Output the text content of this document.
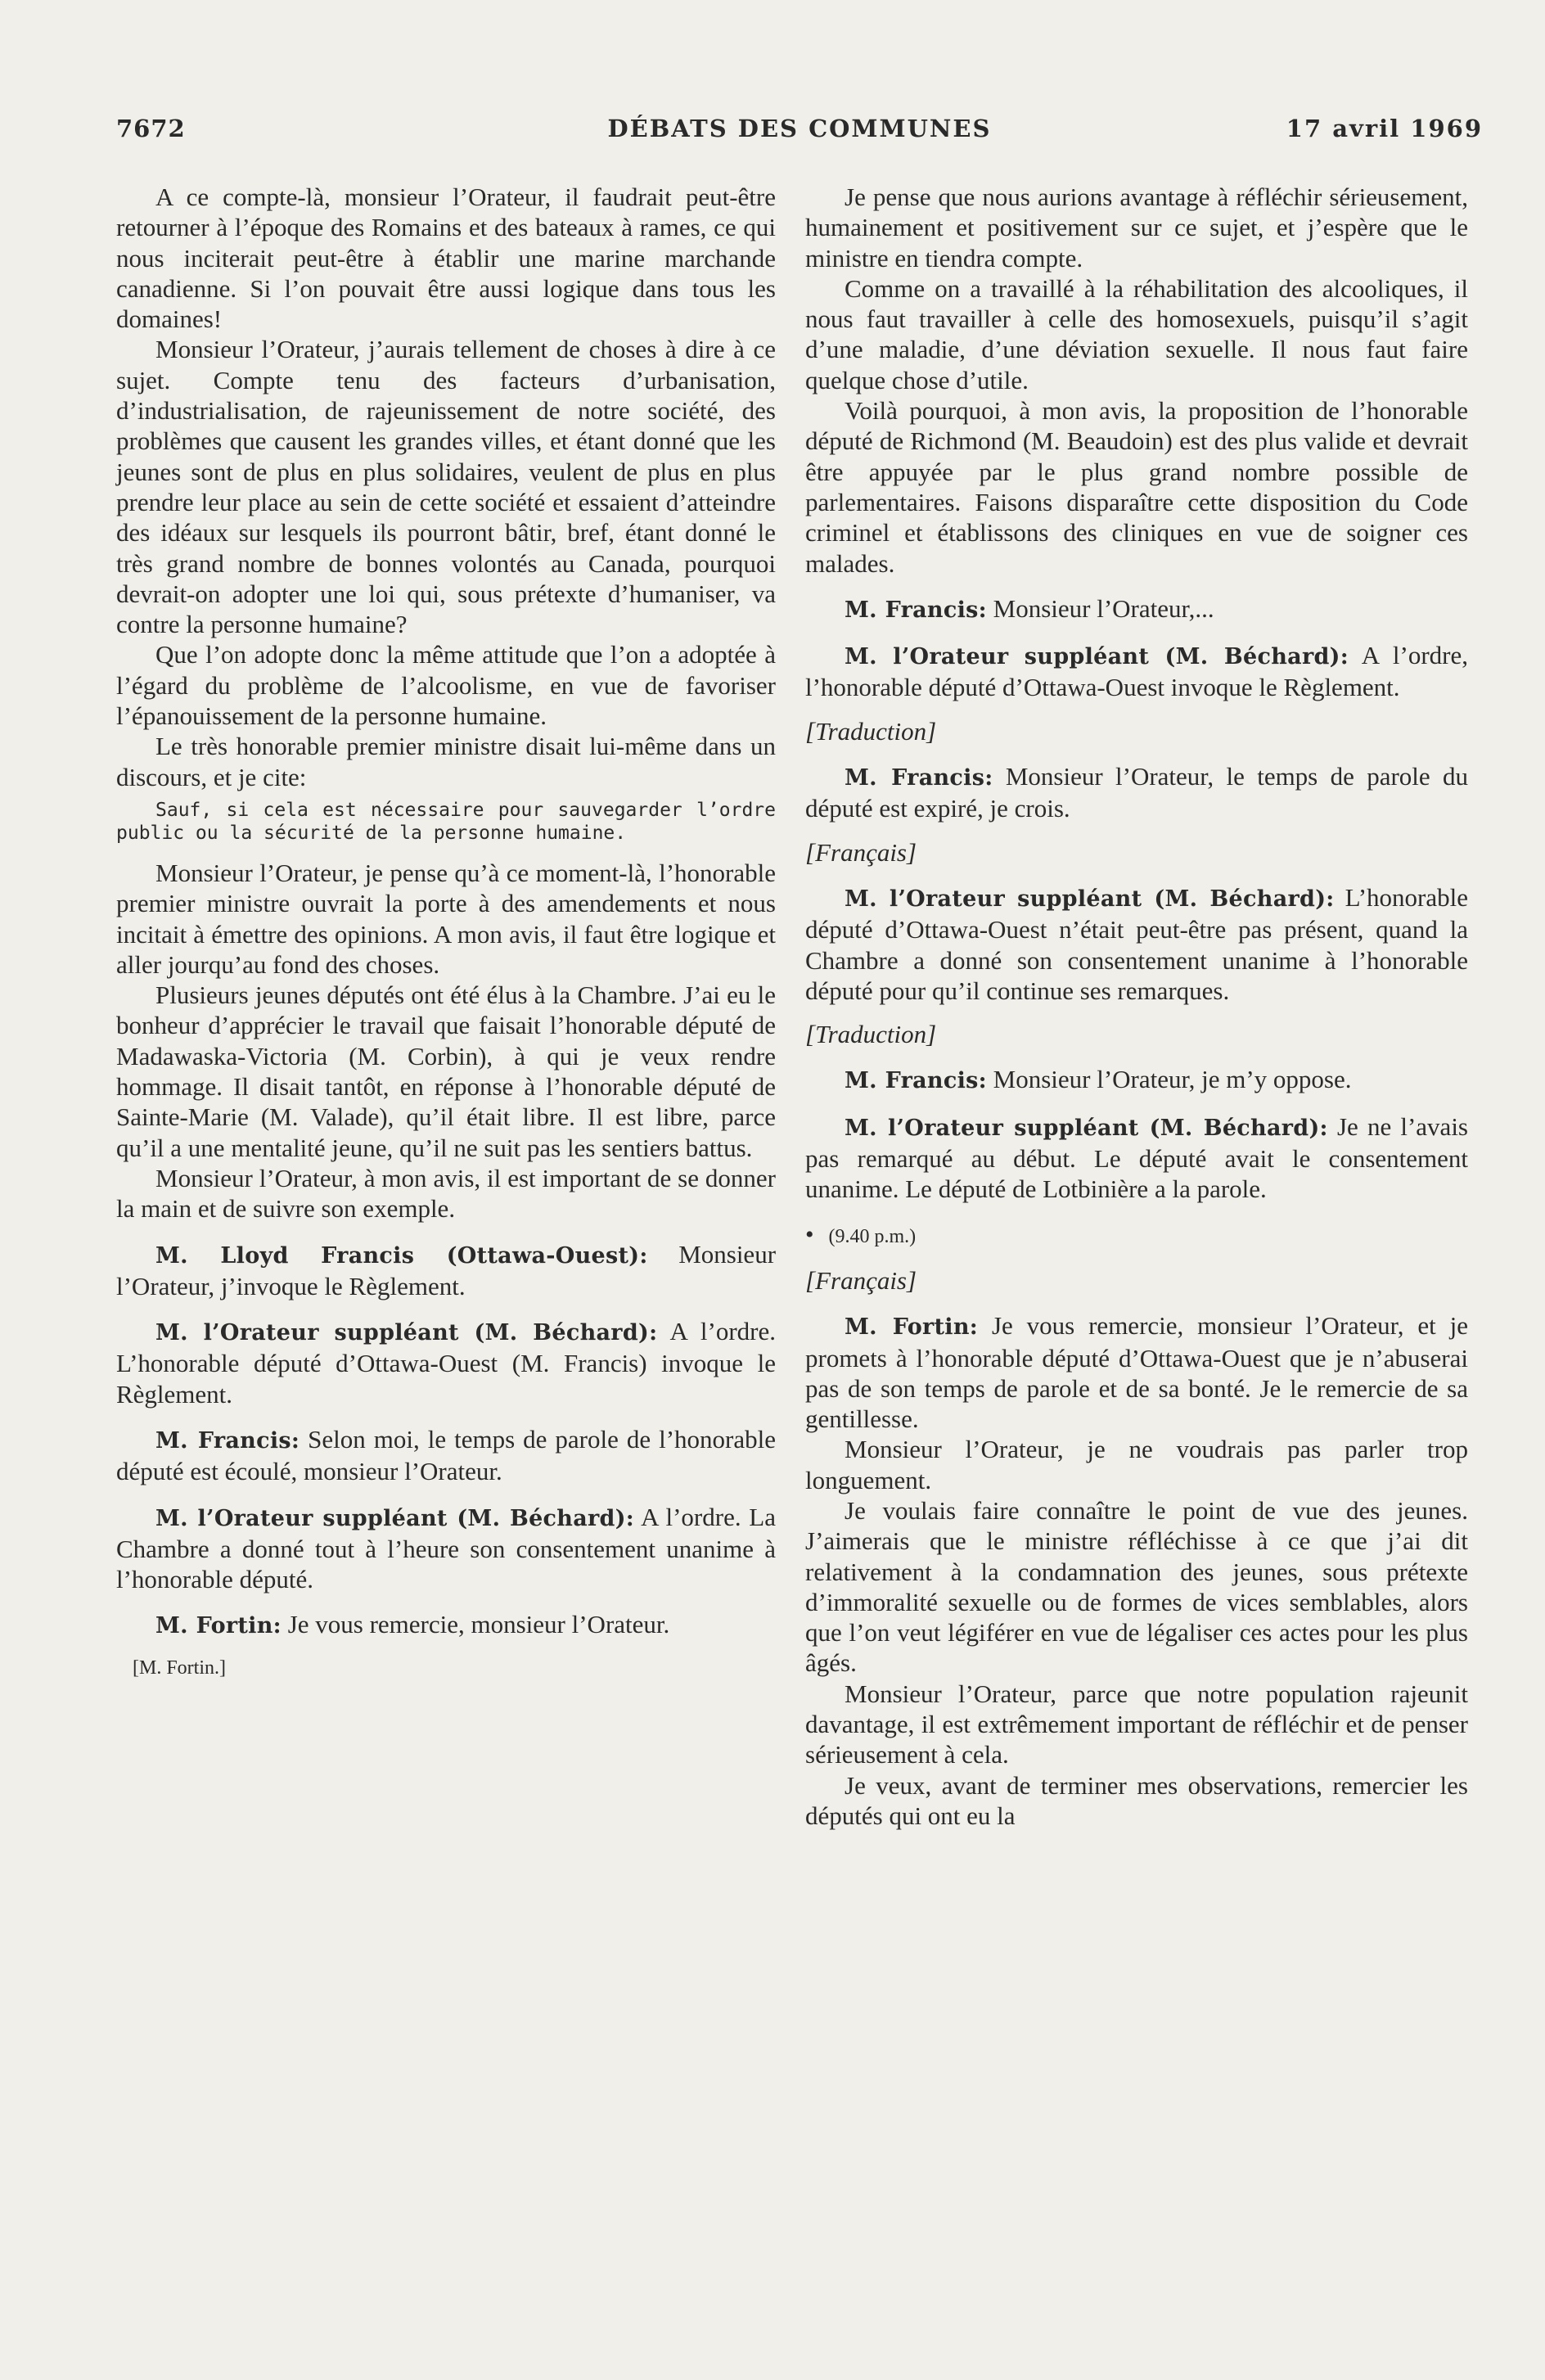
7672	DÉBATS DES COMMUNES	17 avril 1969

A ce compte-là, monsieur l’Orateur, il faudrait peut-être retourner à l’époque des Romains et des bateaux à rames, ce qui nous inciterait peut-être à établir une marine marchande canadienne. Si l’on pouvait être aussi logique dans tous les domaines!

Monsieur l’Orateur, j’aurais tellement de choses à dire à ce sujet. Compte tenu des facteurs d’urbanisation, d’industrialisation, de rajeunissement de notre société, des problèmes que causent les grandes villes, et étant donné que les jeunes sont de plus en plus solidaires, veulent de plus en plus prendre leur place au sein de cette société et essaient d’atteindre des idéaux sur lesquels ils pourront bâtir, bref, étant donné le très grand nombre de bonnes volontés au Canada, pourquoi devrait-on adopter une loi qui, sous prétexte d’humaniser, va contre la personne humaine?

Que l’on adopte donc la même attitude que l’on a adoptée à l’égard du problème de l’alcoolisme, en vue de favoriser l’épanouissement de la personne humaine.

Le très honorable premier ministre disait lui-même dans un discours, et je cite:

Sauf, si cela est nécessaire pour sauvegarder l’ordre public ou la sécurité de la personne humaine.

Monsieur l’Orateur, je pense qu’à ce moment-là, l’honorable premier ministre ouvrait la porte à des amendements et nous incitait à émettre des opinions. A mon avis, il faut être logique et aller jourqu’au fond des choses.

Plusieurs jeunes députés ont été élus à la Chambre. J’ai eu le bonheur d’apprécier le travail que faisait l’honorable député de Madawaska-Victoria (M. Corbin), à qui je veux rendre hommage. Il disait tantôt, en réponse à l’honorable député de Sainte-Marie (M. Valade), qu’il était libre. Il est libre, parce qu’il a une mentalité jeune, qu’il ne suit pas les sentiers battus.

Monsieur l’Orateur, à mon avis, il est important de se donner la main et de suivre son exemple.

M. Lloyd Francis (Ottawa-Ouest): Monsieur l’Orateur, j’invoque le Règlement.

M. l’Orateur suppléant (M. Béchard): A l’ordre. L’honorable député d’Ottawa-Ouest (M. Francis) invoque le Règlement.

M. Francis: Selon moi, le temps de parole de l’honorable député est écoulé, monsieur l’Orateur.

M. l’Orateur suppléant (M. Béchard): A l’ordre. La Chambre a donné tout à l’heure son consentement unanime à l’honorable député.

M. Fortin: Je vous remercie, monsieur l’Orateur.

[M. Fortin.]

Je pense que nous aurions avantage à réfléchir sérieusement, humainement et positivement sur ce sujet, et j’espère que le ministre en tiendra compte.

Comme on a travaillé à la réhabilitation des alcooliques, il nous faut travailler à celle des homosexuels, puisqu’il s’agit d’une maladie, d’une déviation sexuelle. Il nous faut faire quelque chose d’utile.

Voilà pourquoi, à mon avis, la proposition de l’honorable député de Richmond (M. Beaudoin) est des plus valide et devrait être appuyée par le plus grand nombre possible de parlementaires. Faisons disparaître cette disposition du Code criminel et établissons des cliniques en vue de soigner ces malades.

M. Francis: Monsieur l’Orateur,...

M. l’Orateur suppléant (M. Béchard): A l’ordre, l’honorable député d’Ottawa-Ouest invoque le Règlement.

[Traduction]

M. Francis: Monsieur l’Orateur, le temps de parole du député est expiré, je crois.

[Français]

M. l’Orateur suppléant (M. Béchard): L’honorable député d’Ottawa-Ouest n’était peut-être pas présent, quand la Chambre a donné son consentement unanime à l’honorable député pour qu’il continue ses remarques.

[Traduction]

M. Francis: Monsieur l’Orateur, je m’y oppose.

M. l’Orateur suppléant (M. Béchard): Je ne l’avais pas remarqué au début. Le député avait le consentement unanime. Le député de Lotbinière a la parole.

• (9.40 p.m.)

[Français]

M. Fortin: Je vous remercie, monsieur l’Orateur, et je promets à l’honorable député d’Ottawa-Ouest que je n’abuserai pas de son temps de parole et de sa bonté. Je le remercie de sa gentillesse.

Monsieur l’Orateur, je ne voudrais pas parler trop longuement.

Je voulais faire connaître le point de vue des jeunes. J’aimerais que le ministre réfléchisse à ce que j’ai dit relativement à la condamnation des jeunes, sous prétexte d’immoralité sexuelle ou de formes de vices semblables, alors que l’on veut légiférer en vue de légaliser ces actes pour les plus âgés.

Monsieur l’Orateur, parce que notre population rajeunit davantage, il est extrêmement important de réfléchir et de penser sérieusement à cela.

Je veux, avant de terminer mes observations, remercier les députés qui ont eu la
